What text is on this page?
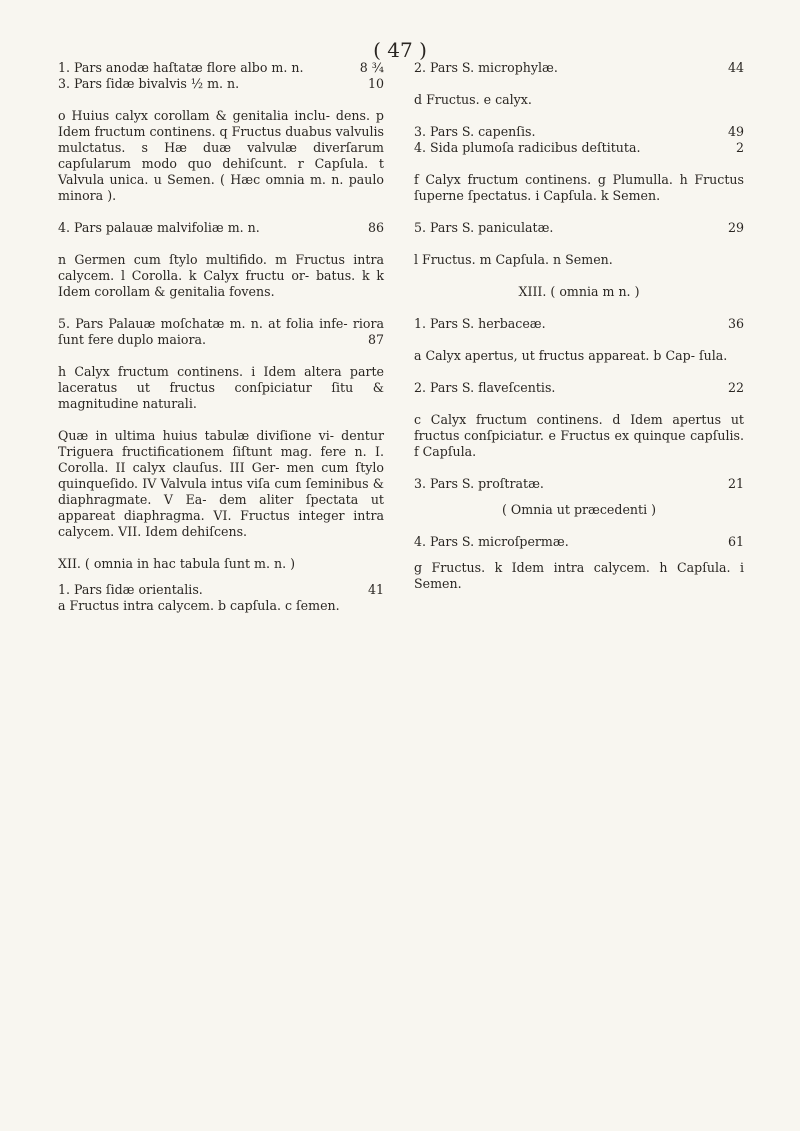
( 47 )
1. Pars anodæ haſtatæ flore albo m. n.	8 ¾
3. Pars ſidæ bivalvis ½ m. n.	10

o Huius calyx corollam & genitalia inclu- dens. p Idem fructum continens. q Fructus duabus valvulis mulctatus. s Hæ duæ valvulæ diverſarum capſularum modo quo dehiſcunt. r Capſula. t Valvula unica. u Semen. ( Hæc omnia m. n. paulo minora ).

4. Pars palauæ malvifoliæ m. n.	86

n Germen cum ſtylo multifido. m Fructus intra calycem. l Corolla. k Calyx fructu or- batus. k k Idem corollam & genitalia fovens.

5. Pars Palauæ moſchatæ m. n. at folia infe- riora ſunt fere duplo maiora.	87

h Calyx fructum continens. i Idem altera parte laceratus ut fructus conſpiciatur ſitu & magnitudine naturali.

Quæ in ultima huius tabulæ diviſione vi- dentur Triguera fructificationem ſiſtunt mag. fere n. I. Corolla. II calyx clauſus. III Ger- men cum ſtylo quinqueſido. IV Valvula intus viſa cum ſeminibus & diaphragmate. V Ea- dem aliter ſpectata ut appareat diaphragma. VI. Fructus integer intra calycem. VII. Idem dehiſcens.

XII. ( omnia in hac tabula ſunt m. n. )
1. Pars ſidæ orientalis.	41

a Fructus intra calycem. b capſula. c ſemen.

2. Pars S. microphylæ.	44

d Fructus. e calyx.

3. Pars S. capenſis.	49
4. Sida plumoſa radicibus deſtituta.	2

f Calyx fructum continens. g Plumulla. h Fructus ſuperne ſpectatus. i Capſula. k Semen.

5. Pars S. paniculatæ.	29

l Fructus. m Capſula. n Semen.

XIII. ( omnia m n. )
1. Pars S. herbaceæ.	36

a Calyx apertus, ut fructus appareat. b Cap- ſula.

2. Pars S. flaveſcentis.	22

c Calyx fructum continens. d Idem apertus ut fructus conſpiciatur. e Fructus ex quinque capſulis. f Capſula.

3. Pars S. proſtratæ.	21
( Omnia ut præcedenti )
4. Pars S. microſpermæ.	61

g Fructus. k Idem intra calycem. h Capſula. i Semen.
